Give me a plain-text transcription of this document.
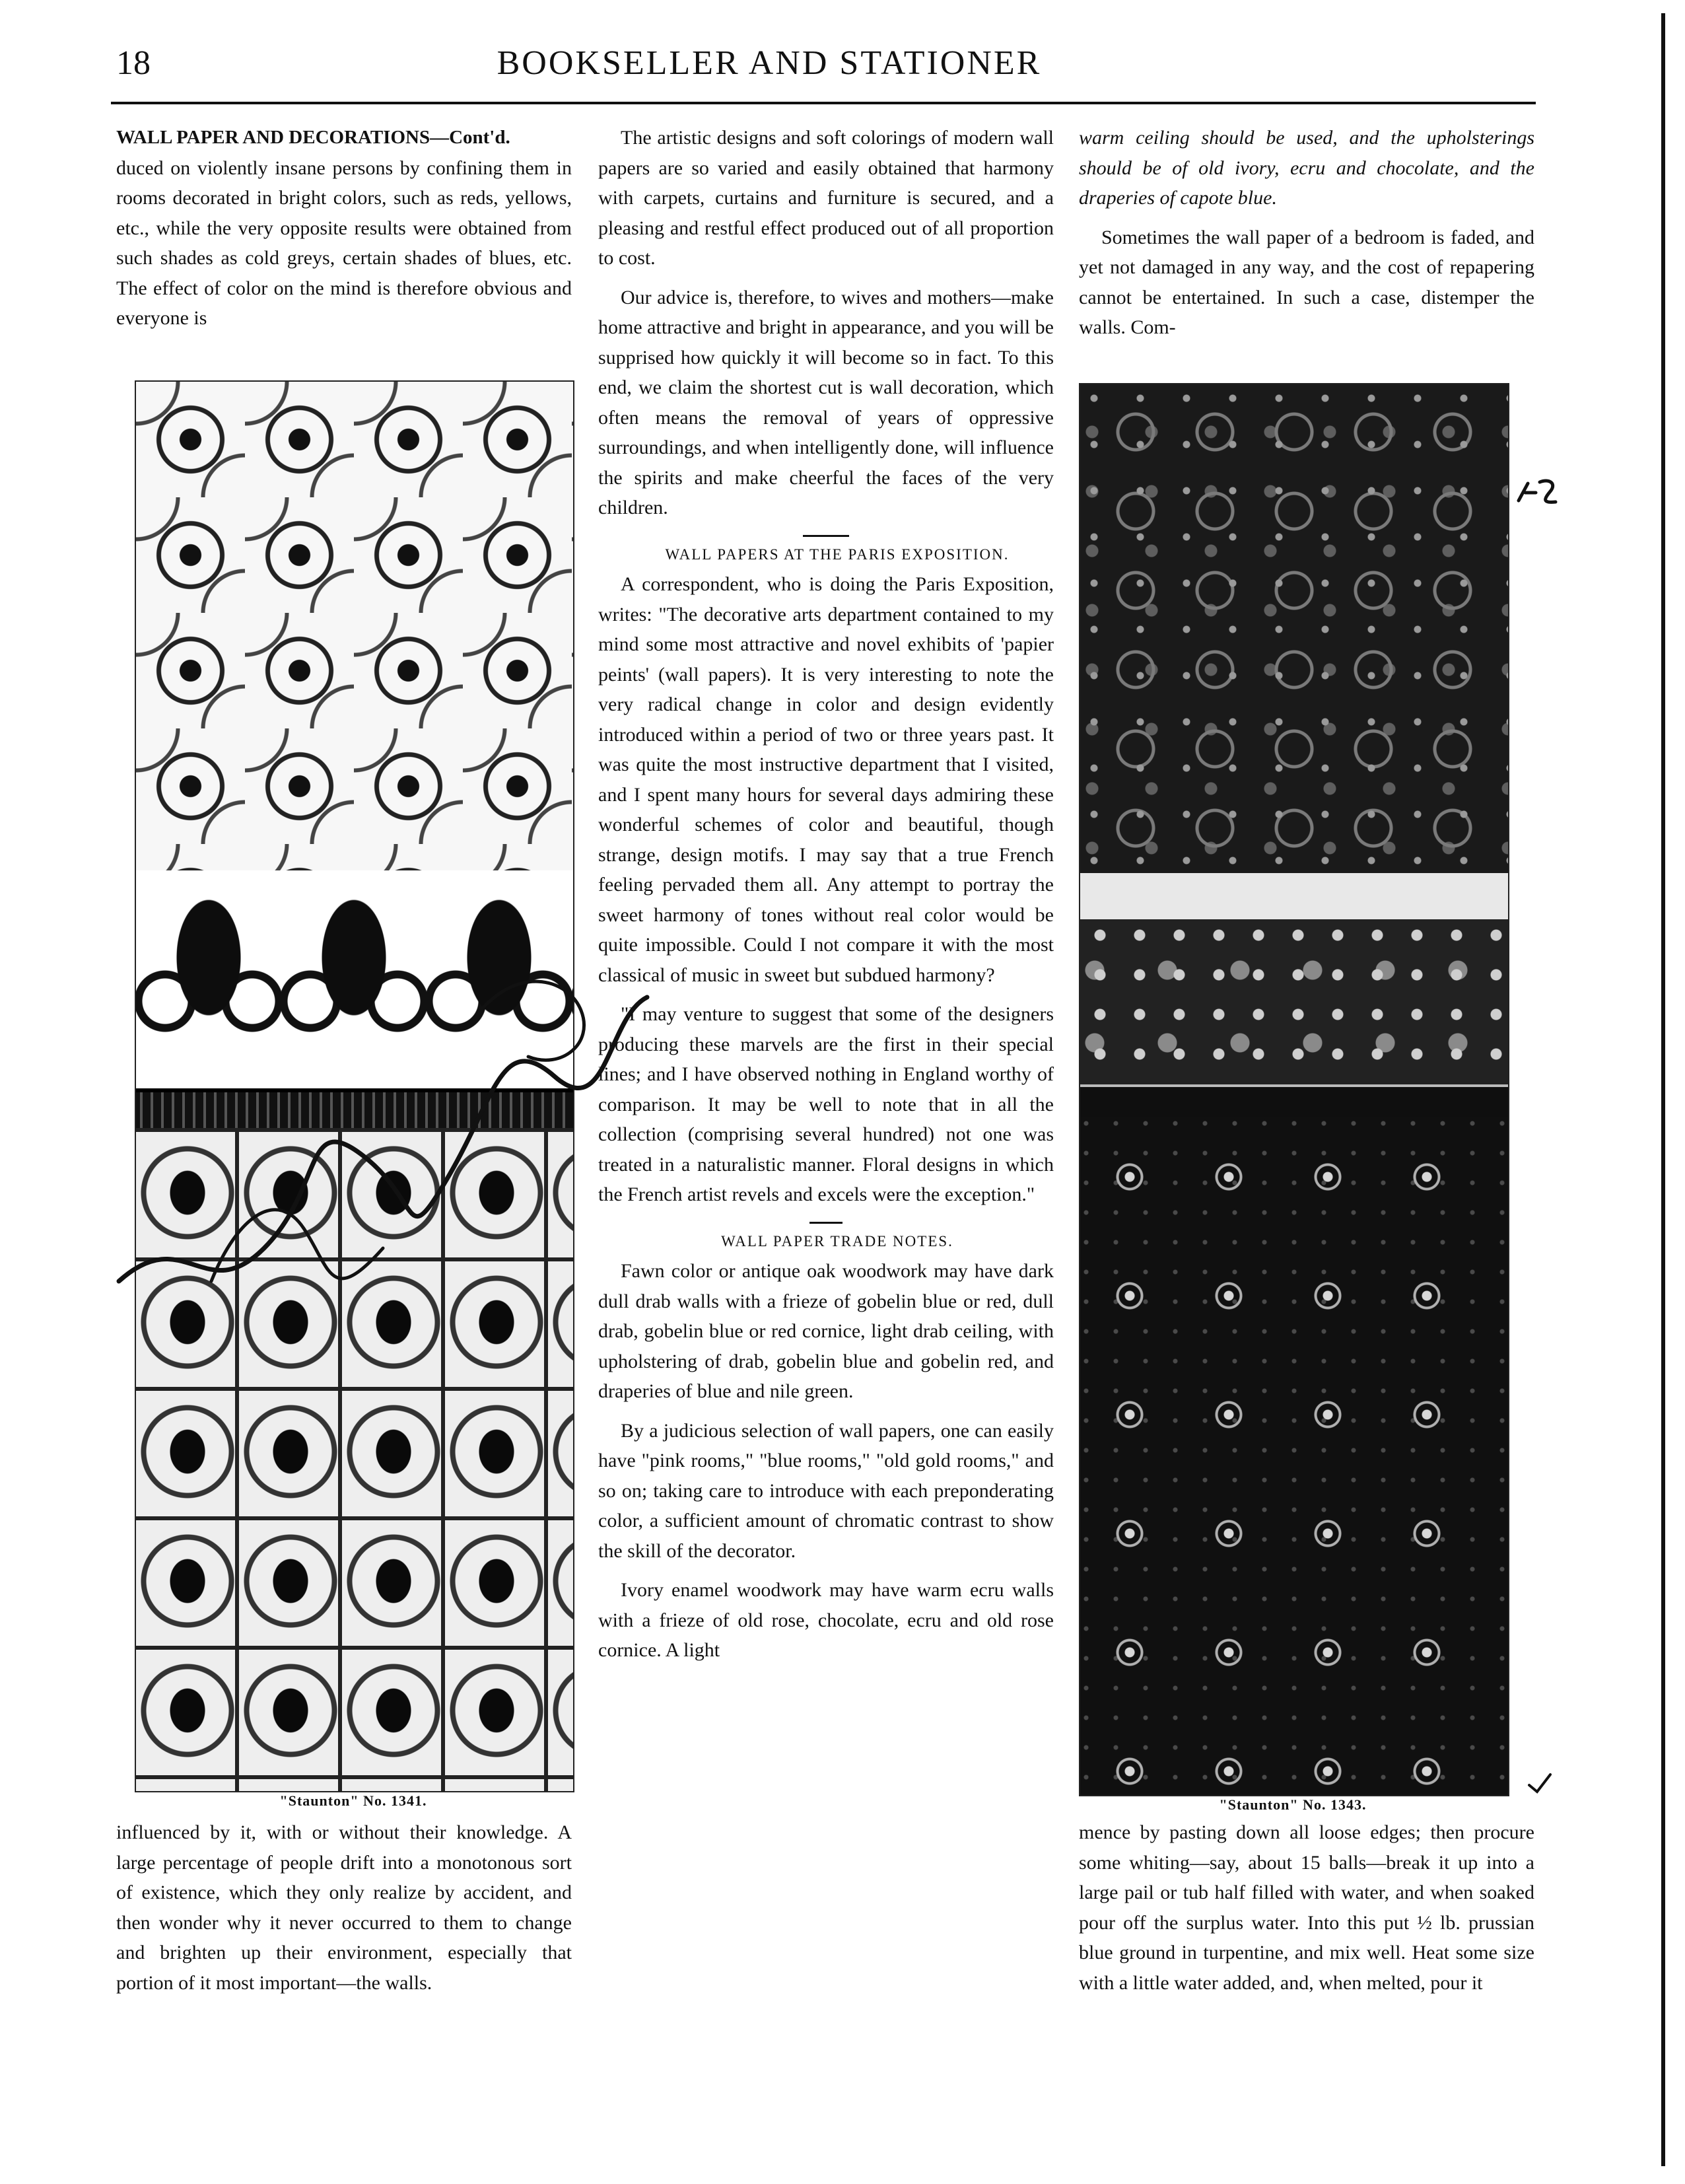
18	BOOKSELLER AND STATIONER

WALL PAPER AND DECORATIONS—Cont'd.

duced on violently insane persons by confining them in rooms decorated in bright colors, such as reds, yellows, etc., while the very opposite results were obtained from such shades as cold greys, certain shades of blues, etc. The effect of color on the mind is therefore obvious and everyone is

"Staunton" No. 1341.

influenced by it, with or without their knowledge. A large percentage of people drift into a monotonous sort of existence, which they only realize by accident, and then wonder why it never occurred to them to change and brighten up their environment, especially that portion of it most important—the walls.

The artistic designs and soft colorings of modern wall papers are so varied and easily obtained that harmony with carpets, curtains and furniture is secured, and a pleasing and restful effect produced out of all proportion to cost.

Our advice is, therefore, to wives and mothers—make home attractive and bright in appearance, and you will be supprised how quickly it will become so in fact. To this end, we claim the shortest cut is wall decoration, which often means the removal of years of oppressive surroundings, and when intelligently done, will influence the spirits and make cheerful the faces of the very children.

WALL PAPERS AT THE PARIS EXPOSITION.

A correspondent, who is doing the Paris Exposition, writes: "The decorative arts department contained to my mind some most attractive and novel exhibits of 'papier peints' (wall papers). It is very interesting to note the very radical change in color and design evidently introduced within a period of two or three years past. It was quite the most instructive department that I visited, and I spent many hours for several days admiring these wonderful schemes of color and beautiful, though strange, design motifs. I may say that a true French feeling pervaded them all. Any attempt to portray the sweet harmony of tones without real color would be quite impossible. Could I not compare it with the most classical of music in sweet but subdued harmony?

"I may venture to suggest that some of the designers producing these marvels are the first in their special lines; and I have observed nothing in England worthy of comparison. It may be well to note that in all the collection (comprising several hundred) not one was treated in a naturalistic manner. Floral designs in which the French artist revels and excels were the exception."

WALL PAPER TRADE NOTES.

Fawn color or antique oak woodwork may have dark dull drab walls with a frieze of gobelin blue or red, dull drab, gobelin blue or red cornice, light drab ceiling, with upholstering of drab, gobelin blue and gobelin red, and draperies of blue and nile green.

By a judicious selection of wall papers, one can easily have "pink rooms," "blue rooms," "old gold rooms," and so on; taking care to introduce with each preponderating color, a sufficient amount of chromatic contrast to show the skill of the decorator.

Ivory enamel woodwork may have warm ecru walls with a frieze of old rose, chocolate, ecru and old rose cornice. A light

warm ceiling should be used, and the upholsterings should be of old ivory, ecru and chocolate, and the draperies of capote blue.

Sometimes the wall paper of a bedroom is faded, and yet not damaged in any way, and the cost of repapering cannot be entertained. In such a case, distemper the walls. Com-

"Staunton" No. 1343.

mence by pasting down all loose edges; then procure some whiting—say, about 15 balls—break it up into a large pail or tub half filled with water, and when soaked pour off the surplus water. Into this put ½ lb. prussian blue ground in turpentine, and mix well. Heat some size with a little water added, and, when melted, pour it
